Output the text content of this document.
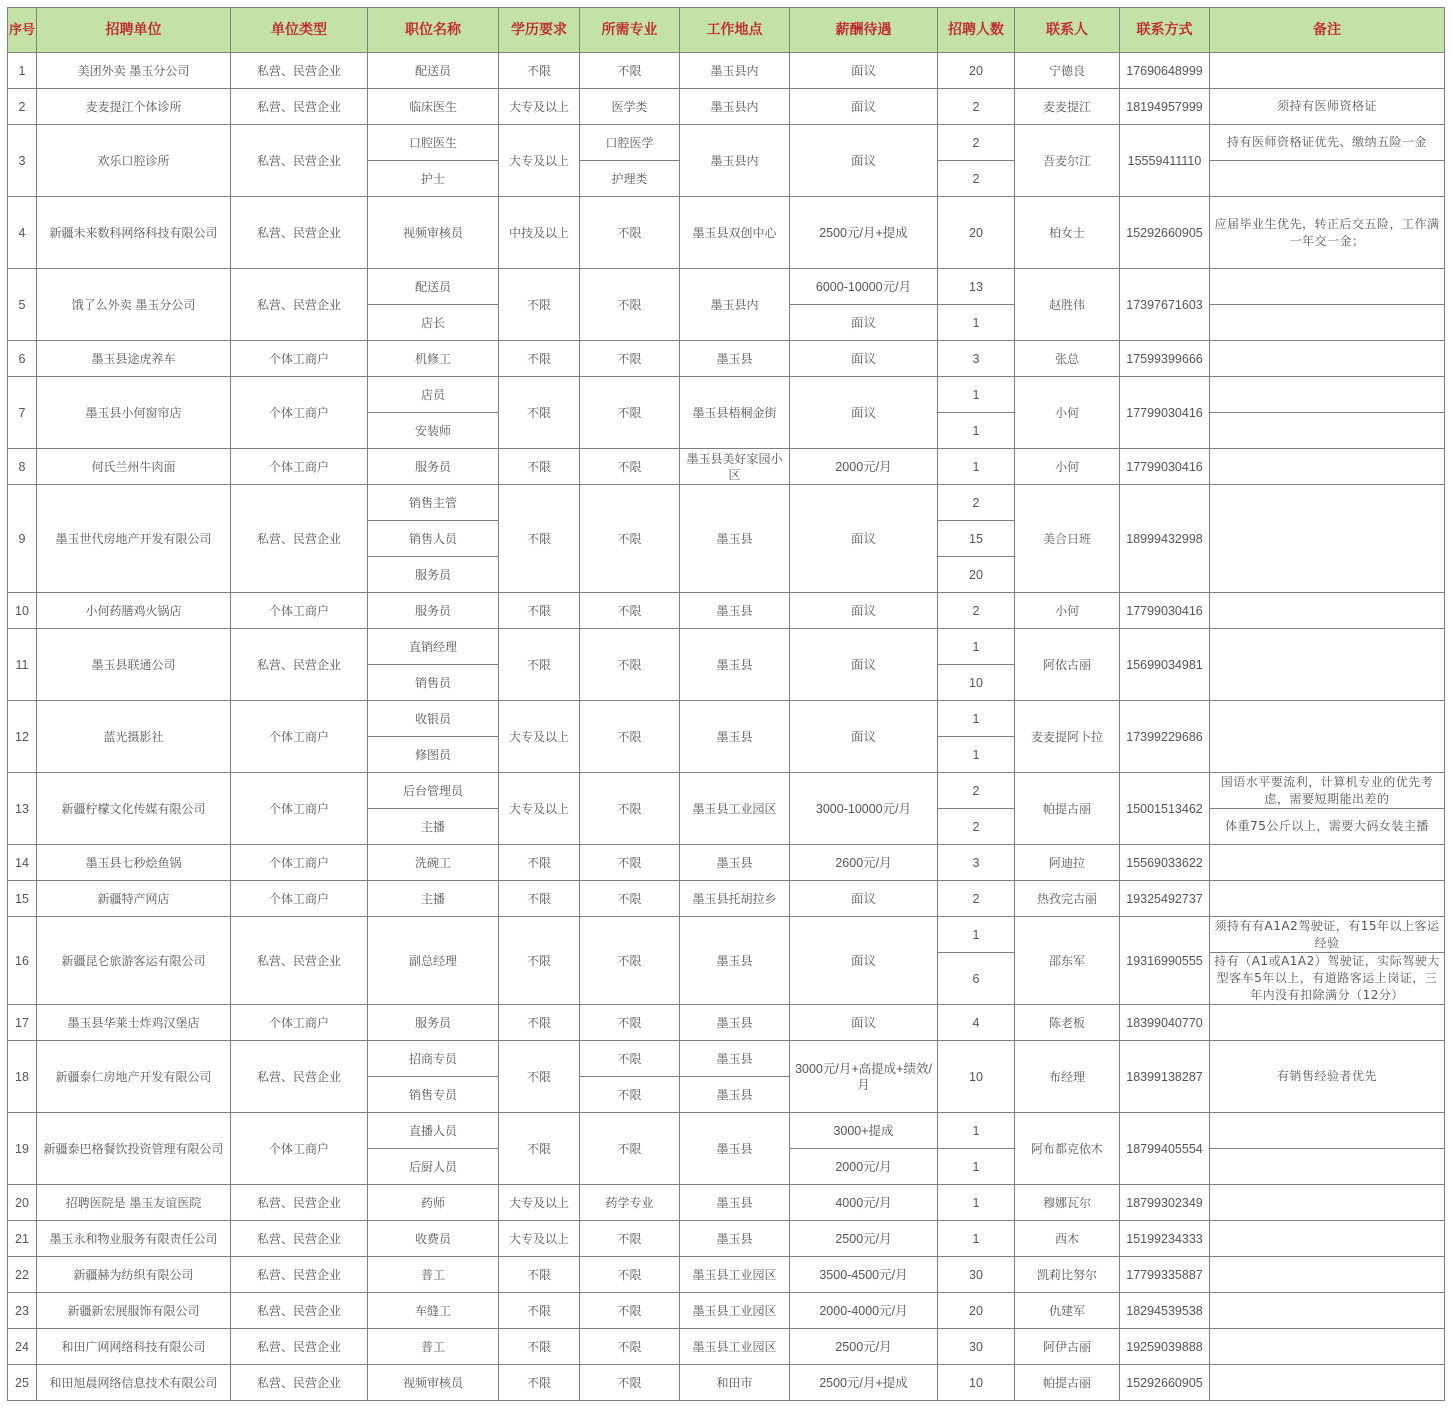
序号	招聘单位	单位类型	职位名称	学历要求	所需专业	工作地点	薪酬待遇	招聘人数	联系人	联系方式	备注
1	美团外卖 墨玉分公司	私营、民营企业	配送员	不限	不限	墨玉县内	面议	20	宁德良	17690648999	
2	麦麦提江个体诊所	私营、民营企业	临床医生	大专及以上	医学类	墨玉县内	面议	2	麦麦提江	18194957999	须持有医师资格证
3	欢乐口腔诊所	私营、民营企业	口腔医生	大专及以上	口腔医学	墨玉县内	面议	2	吾麦尔江	15559411110	持有医师资格证优先、缴纳五险一金
			护士		护理类			2			
4	新疆未来数科网络科技有限公司	私营、民营企业	视频审核员	中技及以上	不限	墨玉县双创中心	2500元/月+提成	20	柏女士	15292660905	应届毕业生优先，转正后交五险，工作满一年交一金；
5	饿了么外卖 墨玉分公司	私营、民营企业	配送员	不限	不限	墨玉县内	6000-10000元/月	13	赵胜伟	17397671603	
			店长				面议	1			
6	墨玉县途虎养车	个体工商户	机修工	不限	不限	墨玉县	面议	3	张总	17599399666	
7	墨玉县小何窗帘店	个体工商户	店员	不限	不限	墨玉县梧桐金街	面议	1	小何	17799030416	
			安装师					1			
8	何氏兰州牛肉面	个体工商户	服务员	不限	不限	墨玉县美好家园小区	2000元/月	1	小何	17799030416	
9	墨玉世代房地产开发有限公司	私营、民营企业	销售主管	不限	不限	墨玉县	面议	2	美合日班	18999432998	
			销售人员					15			
			服务员					20			
10	小何药膳鸡火锅店	个体工商户	服务员	不限	不限	墨玉县	面议	2	小何	17799030416	
11	墨玉县联通公司	私营、民营企业	直销经理	不限	不限	墨玉县	面议	1	阿依古丽	15699034981	
			销售员					10			
12	蓝光摄影社	个体工商户	收银员	大专及以上	不限	墨玉县	面议	1	麦麦提阿卜拉	17399229686	
			修图员					1			
13	新疆柠檬文化传媒有限公司	个体工商户	后台管理员	大专及以上	不限	墨玉县工业园区	3000-10000元/月	2	帕提古丽	15001513462	国语水平要流利，计算机专业的优先考虑，需要短期能出差的
			主播					2			体重75公斤以上，需要大码女装主播
14	墨玉县七秒烩鱼锅	个体工商户	洗碗工	不限	不限	墨玉县	2600元/月	3	阿迪拉	15569033622	
15	新疆特产网店	个体工商户	主播	不限	不限	墨玉县托胡拉乡	面议	2	热孜完古丽	19325492737	
16	新疆昆仑旅游客运有限公司	私营、民营企业	副总经理	不限	不限	墨玉县	面议	1	邵东军	19316990555	须持有有A1A2驾驶证，有15年以上客运经验
								6			持有（A1或A1A2）驾驶证，实际驾驶大型客车5年以上，有道路客运上岗证，三年内没有扣除满分（12分）
17	墨玉县华莱士炸鸡汉堡店	个体工商户	服务员	不限	不限	墨玉县	面议	4	陈老板	18399040770	
18	新疆泰仁房地产开发有限公司	私营、民营企业	招商专员	不限	不限	墨玉县	3000元/月+高提成+绩效/月	10	布经理	18399138287	有销售经验者优先
			销售专员		不限	墨玉县					
19	新疆泰巴格餐饮投资管理有限公司	个体工商户	直播人员	不限	不限	墨玉县	3000+提成	1	阿布都克依木	18799405554	
			后厨人员				2000元/月	1			
20	招聘医院是 墨玉友谊医院	私营、民营企业	药师	大专及以上	药学专业	墨玉县	4000元/月	1	穆娜瓦尔	18799302349	
21	墨玉永和物业服务有限责任公司	私营、民营企业	收费员	大专及以上	不限	墨玉县	2500元/月	1	西木	15199234333	
22	新疆赫为纺织有限公司	私营、民营企业	普工	不限	不限	墨玉县工业园区	3500-4500元/月	30	凯莉比努尔	17799335887	
23	新疆新宏展服饰有限公司	私营、民营企业	车缝工	不限	不限	墨玉县工业园区	2000-4000元/月	20	仇建军	18294539538	
24	和田广网网络科技有限公司	私营、民营企业	普工	不限	不限	墨玉县工业园区	2500元/月	30	阿伊古丽	19259039888	
25	和田旭晨网络信息技术有限公司	私营、民营企业	视频审核员	不限	不限	和田市	2500元/月+提成	10	帕提古丽	15292660905	
